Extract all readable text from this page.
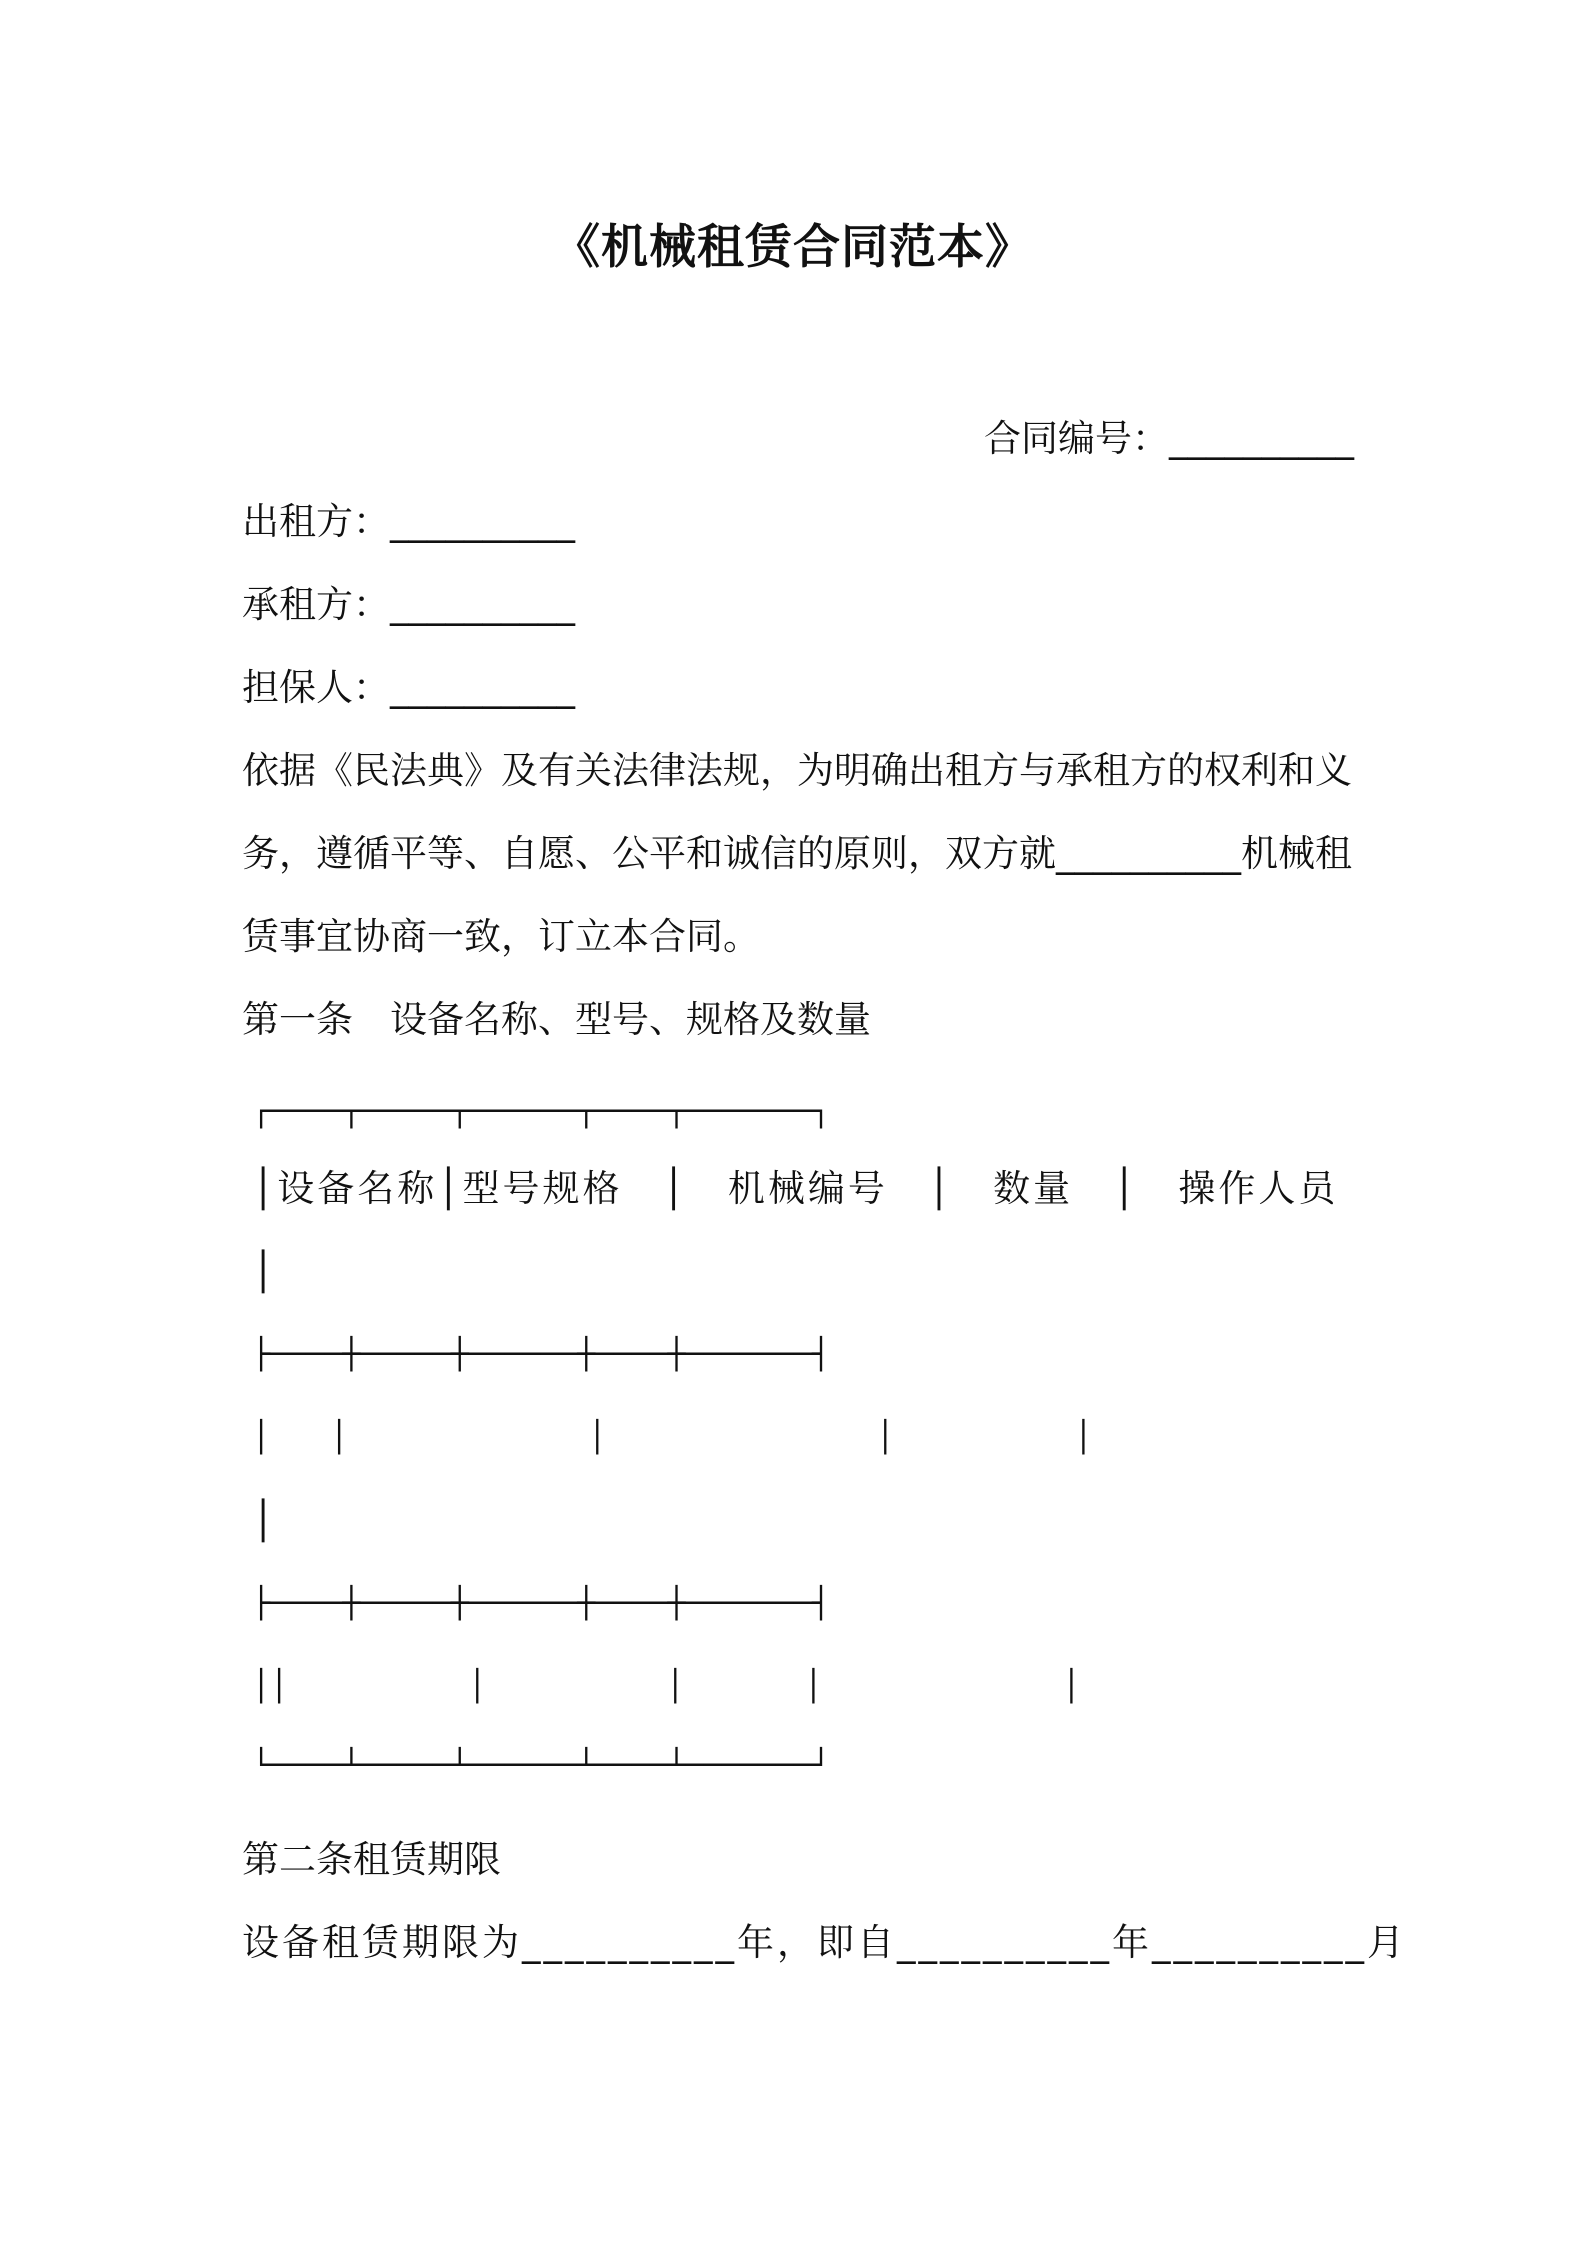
《机械租赁合同范本》
合同编号：__________
出租方：__________
承租方：__________
担保人：__________
依据《民法典》及有关法律法规，为明确出租方与承租方的权利和义
务，遵循平等、自愿、公平和诚信的原则，双方就__________机械租
赁事宜协商一致，订立本合同。
第一条　设备名称、型号、规格及数量
┌────┬─────┬──────┬────┬───────┐
│设备名称│型号规格　│　机械编号　│　数量　│　操作人员
│
├────┼─────┼──────┼────┼───────┤
│　　│　　　　　　　　│　　　　　　　　　│　　　　　　│
│
├────┼─────┼──────┼────┼───────┤
││　　　　　　│　　　　　　│　　　　│　　　　　　　　│
└────┴─────┴──────┴────┴───────┘
第二条租赁期限
设备租赁期限为__________年，即自__________年__________月
